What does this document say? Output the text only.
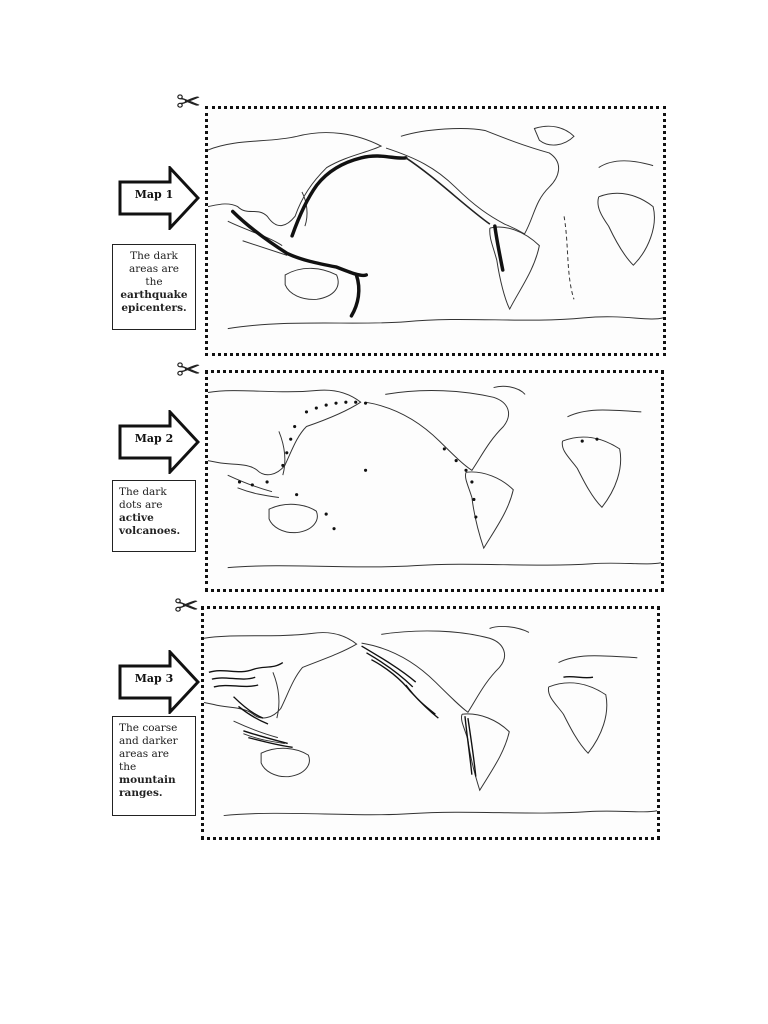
✂
Map 1
The dark areas are the earthquake epicenters.
✂
Map 2
The dark dots are active volcanoes.
✂
Map 3
The coarse and darker areas are the mountain ranges.
